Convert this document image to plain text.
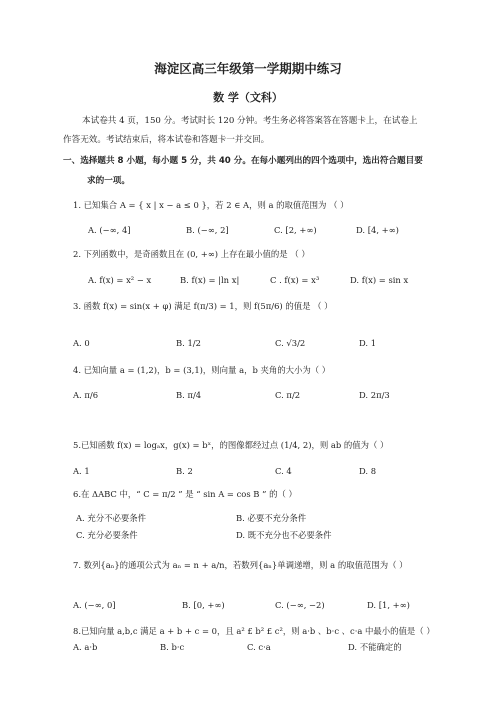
海淀区高三年级第一学期期中练习
数 学（文科）
本试卷共 4 页，150 分。考试时长 120 分钟。考生务必将答案答在答题卡上，在试卷上
作答无效。考试结束后，将本试卷和答题卡一并交回。
一、选择题共 8 小题，每小题 5 分，共 40 分。在每小题列出的四个选项中，选出符合题目要
求的一项。
1. 已知集合 A = { x | x − a ≤ 0 }，若 2 ∈ A，则 a 的取值范围为 （ ）
A. (−∞, 4]	B. (−∞, 2]	C. [2, +∞)	D. [4, +∞)
2. 下列函数中，是奇函数且在 (0, +∞) 上存在最小值的是 （ ）
A. f(x) = x² − x	B. f(x) = |ln x|	C . f(x) = x³	D. f(x) = sin x
3. 函数 f(x) = sin(x + φ) 满足 f(π/3) = 1，则 f(5π/6) 的值是 （ ）
A. 0	B. 1/2	C. √3/2	D. 1
4. 已知向量 a = (1,2)，b = (3,1)，则向量 a，b 夹角的大小为（ ）
A. π/6	B. π/4	C. π/2	D. 2π/3
5.已知函数 f(x) = logₐx，g(x) = bˣ，的图像都经过点 (1/4, 2)，则 ab 的值为（ ）
A. 1	B. 2	C. 4	D. 8
6.在 ΔABC 中，“ C = π/2 ” 是 “ sin A = cos B ” 的（ ）
A. 充分不必要条件	B. 必要不充分条件
C. 充分必要条件	D. 既不充分也不必要条件
7. 数列{aₙ}的通项公式为 aₙ = n + a/n，若数列{aₙ}单调递增，则 a 的取值范围为（ ）
A. (−∞, 0]	B. [0, +∞)	C. (−∞, −2)	D. [1, +∞)
8.已知向量 a,b,c 满足 a + b + c = 0，且 a² £ b² £ c²，则 a·b 、b·c 、c·a 中最小的值是（ ）
A. a·b	B. b·c	C. c·a	D. 不能确定的
